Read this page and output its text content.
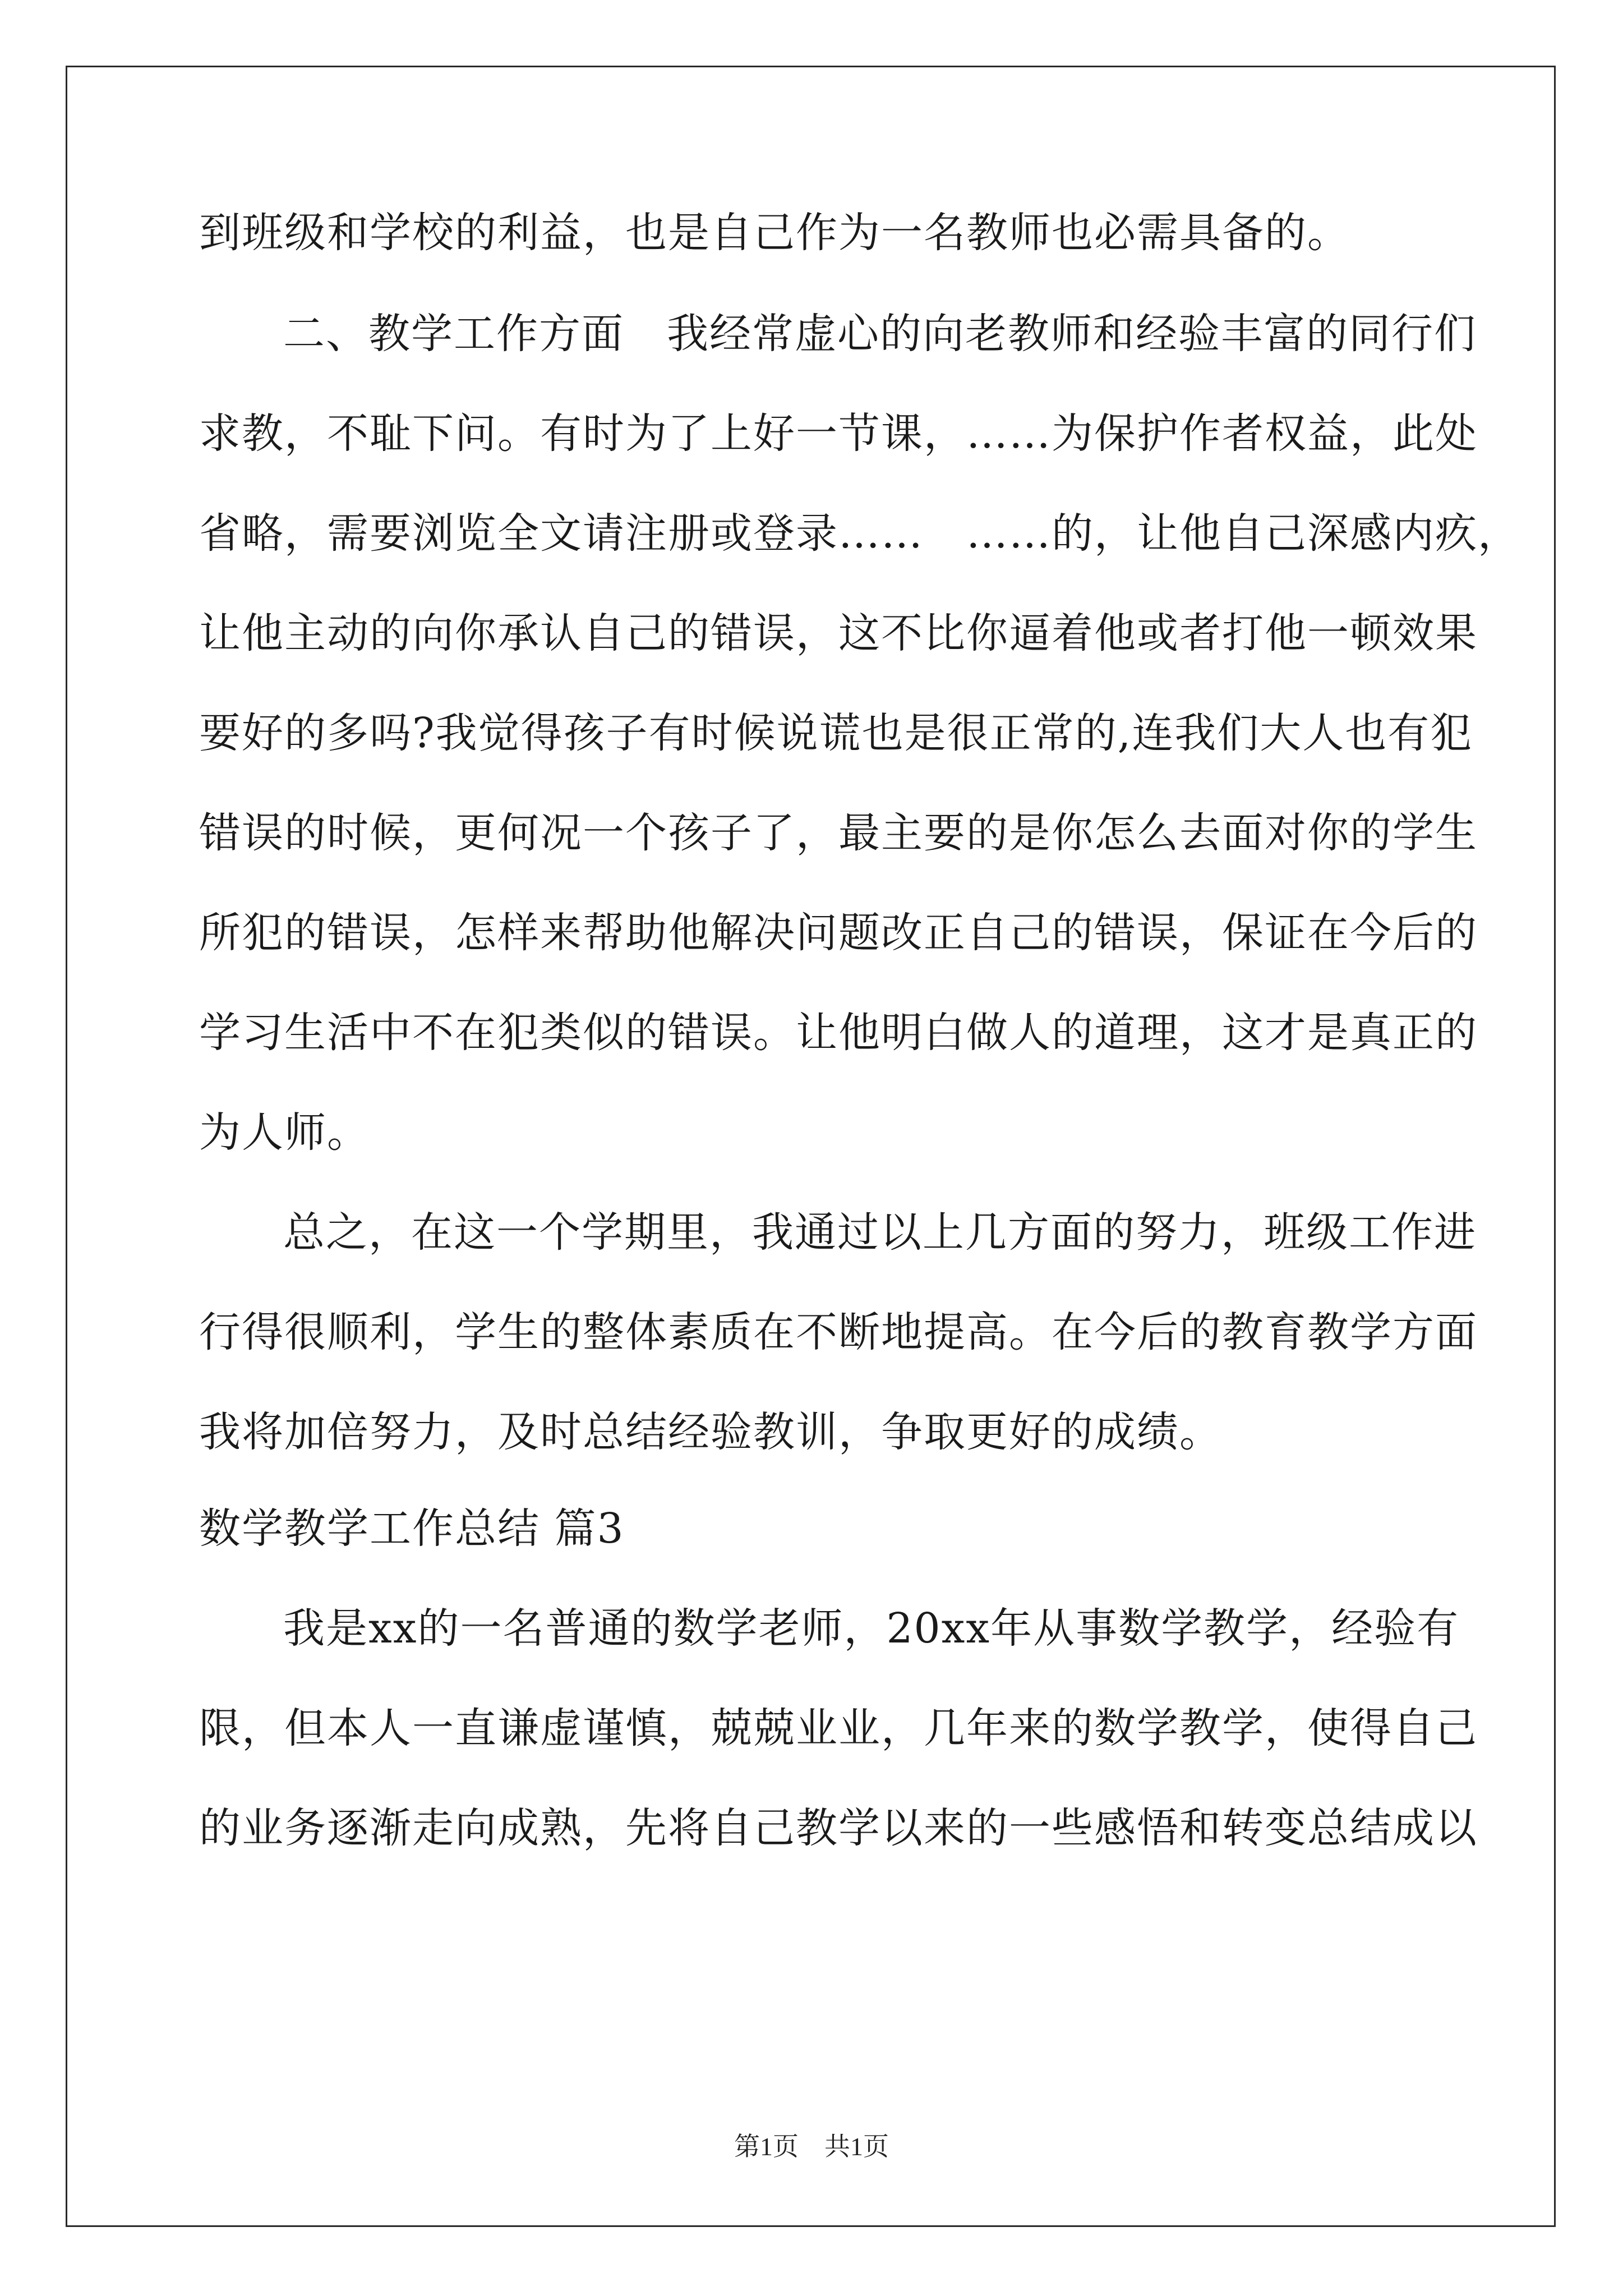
到班级和学校的利益，也是自己作为一名教师也必需具备的。
二、教学工作方面　我经常虚心的向老教师和经验丰富的同行们
求教，不耻下问。有时为了上好一节课，……为保护作者权益，此处
省略，需要浏览全文请注册或登录……　……的，让他自己深感内疚，
让他主动的向你承认自己的错误，这不比你逼着他或者打他一顿效果
要好的多吗?我觉得孩子有时候说谎也是很正常的,连我们大人也有犯
错误的时候，更何况一个孩子了，最主要的是你怎么去面对你的学生
所犯的错误，怎样来帮助他解决问题改正自己的错误，保证在今后的
学习生活中不在犯类似的错误。让他明白做人的道理，这才是真正的
为人师。
总之，在这一个学期里，我通过以上几方面的努力，班级工作进
行得很顺利，学生的整体素质在不断地提高。在今后的教育教学方面
我将加倍努力，及时总结经验教训，争取更好的成绩。
数学教学工作总结 篇3
我是xx的一名普通的数学老师，20xx年从事数学教学，经验有
限，但本人一直谦虚谨慎，兢兢业业，几年来的数学教学，使得自己
的业务逐渐走向成熟，先将自己教学以来的一些感悟和转变总结成以
第1页　共1页
